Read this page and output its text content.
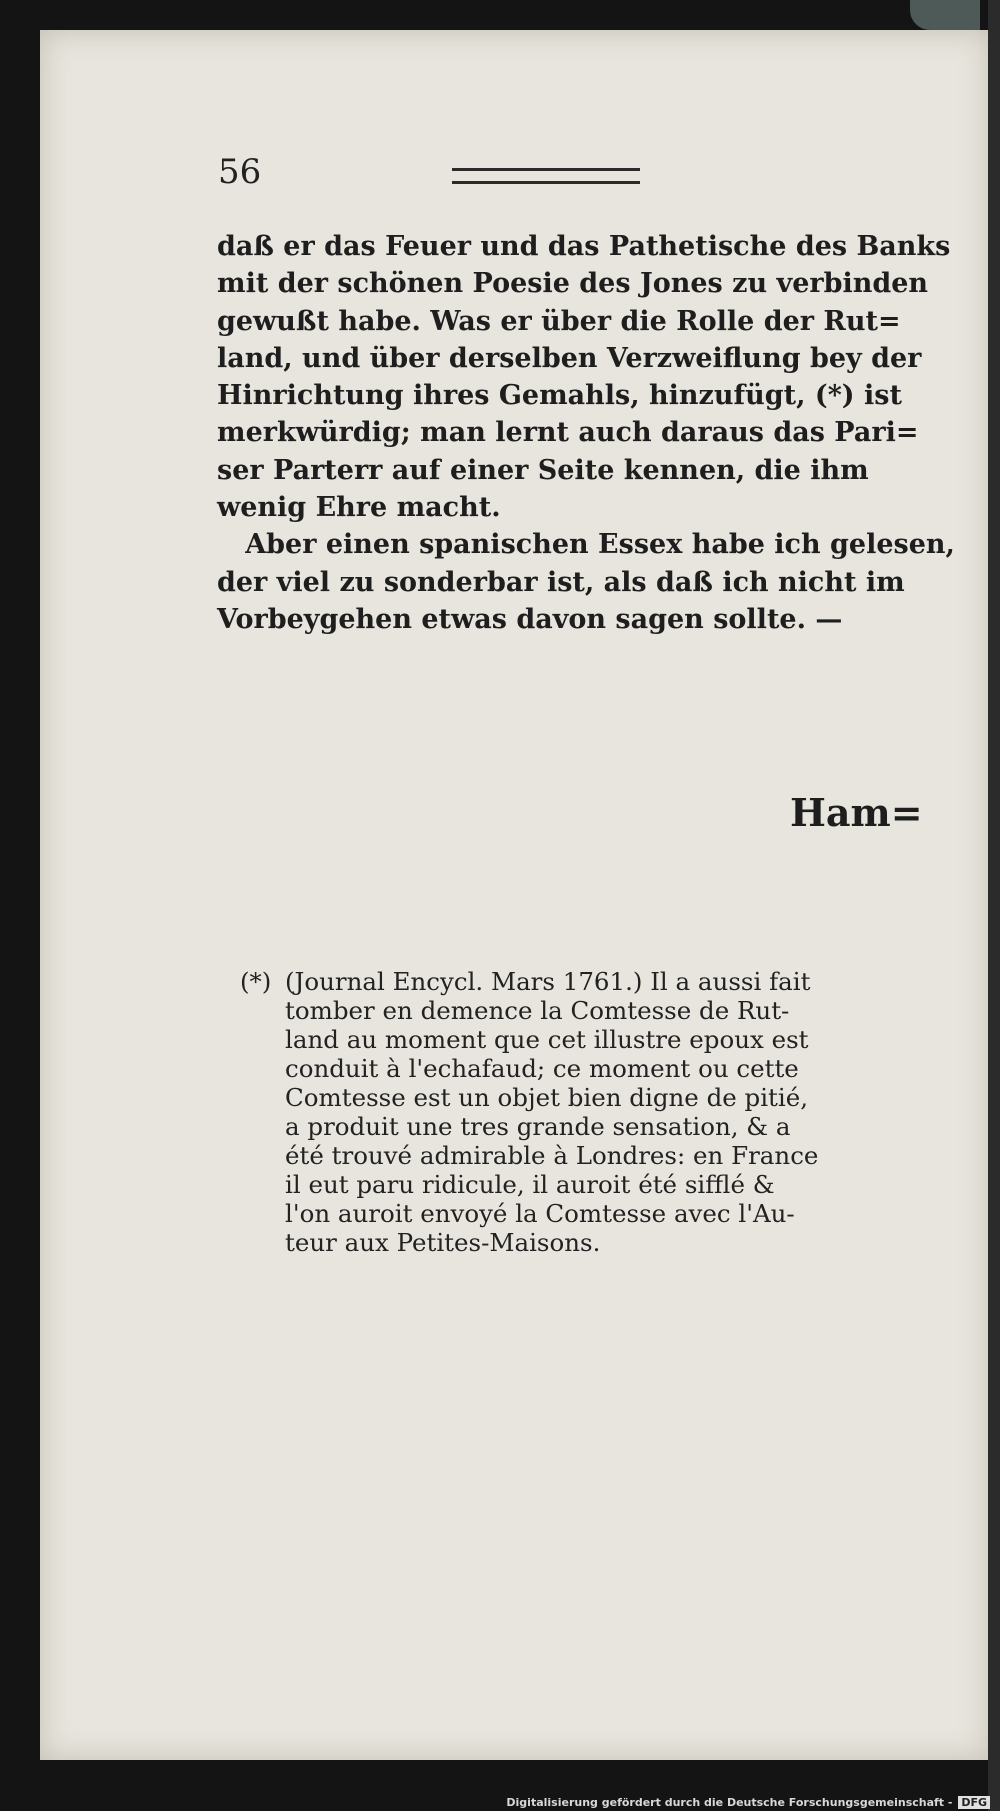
56

daß er das Feuer und das Pathetische des Banks

mit der schönen Poesie des Jones zu verbinden

gewußt habe. Was er über die Rolle der Rut=

land, und über derselben Verzweiflung bey der

Hinrichtung ihres Gemahls, hinzufügt, (*) ist

merkwürdig; man lernt auch daraus das Pari=

ser Parterr auf einer Seite kennen, die ihm

wenig Ehre macht.

Aber einen spanischen Essex habe ich gelesen,

der viel zu sonderbar ist, als daß ich nicht im

Vorbeygehen etwas davon sagen sollte. —

Ham=
(*) (Journal Encycl. Mars 1761.) Il a aussi fait

tomber en demence la Comtesse de Rut-

land au moment que cet illustre epoux est

conduit à l'echafaud; ce moment ou cette

Comtesse est un objet bien digne de pitié,

a produit une tres grande sensation, & a

été trouvé admirable à Londres: en France

il eut paru ridicule, il auroit été sifflé &

l'on auroit envoyé la Comtesse avec l'Au-

teur aux Petites-Maisons.

Digitalisierung gefördert durch die Deutsche Forschungsgemeinschaft - DFG
